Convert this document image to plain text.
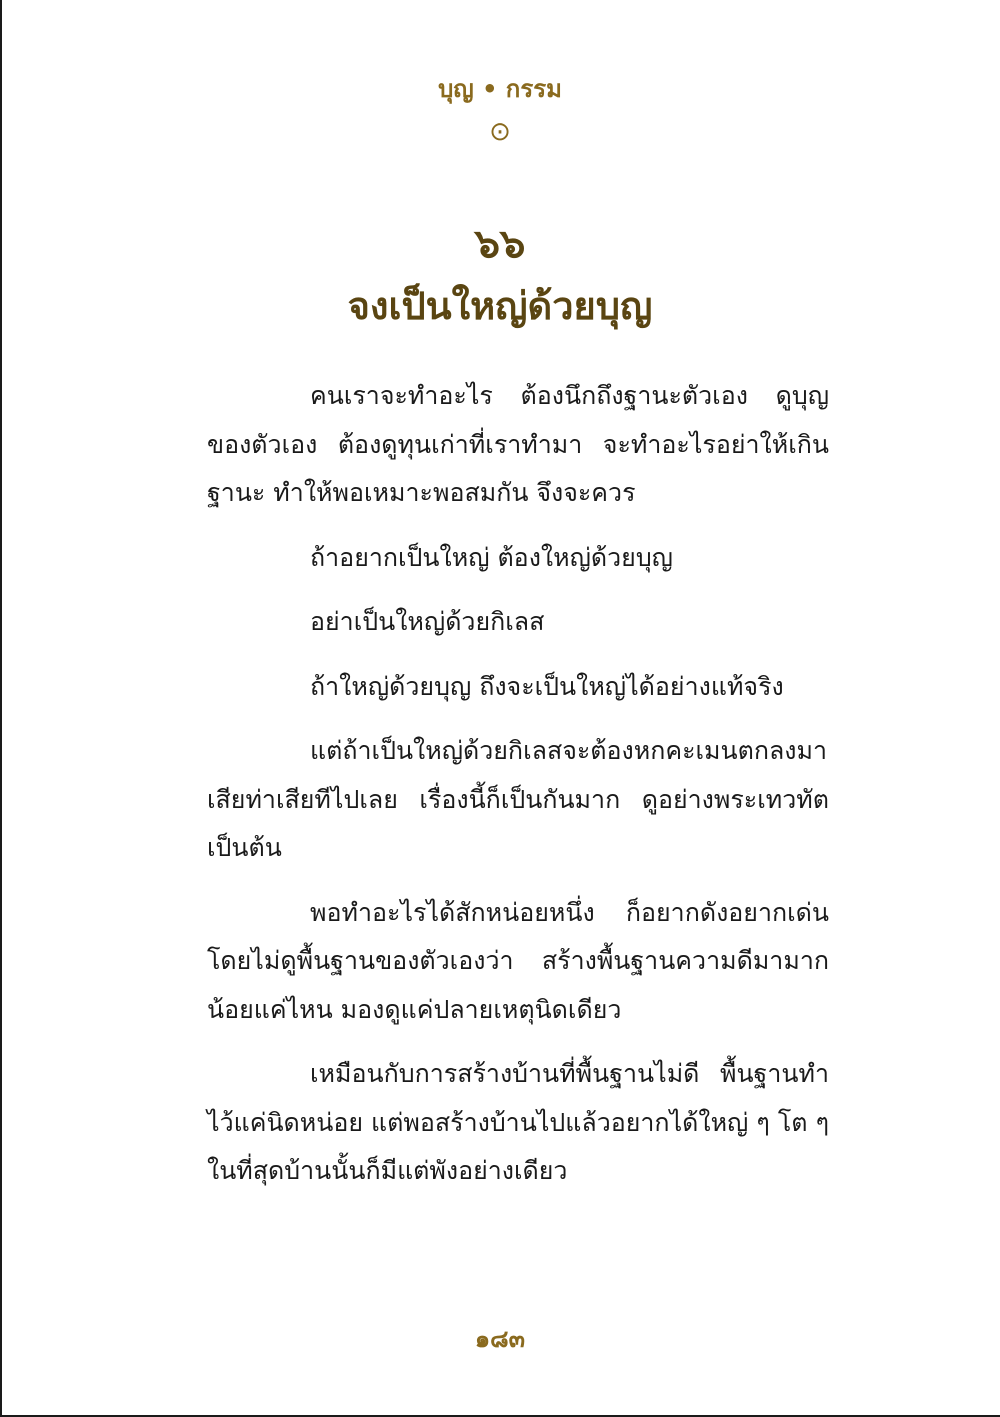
บุญ • กรรม
⊙
๖๖
จงเป็นใหญ่ด้วยบุญ

คนเราจะทำอะไร ต้องนึกถึงฐานะตัวเอง ดูบุญของตัวเอง ต้องดูทุนเก่าที่เราทำมา จะทำอะไรอย่าให้เกินฐานะ ทำให้พอเหมาะพอสมกัน จึงจะควร

ถ้าอยากเป็นใหญ่ ต้องใหญ่ด้วยบุญ

อย่าเป็นใหญ่ด้วยกิเลส

ถ้าใหญ่ด้วยบุญ ถึงจะเป็นใหญ่ได้อย่างแท้จริง

แต่ถ้าเป็นใหญ่ด้วยกิเลสจะต้องหกคะเมนตกลงมา เสียท่าเสียทีไปเลย เรื่องนี้ก็เป็นกันมาก ดูอย่างพระเทวทัต เป็นต้น

พอทำอะไรได้สักหน่อยหนึ่ง ก็อยากดังอยากเด่น โดยไม่ดูพื้นฐานของตัวเองว่า สร้างพื้นฐานความดีมามากน้อยแค่ไหน มองดูแค่ปลายเหตุนิดเดียว

เหมือนกับการสร้างบ้านที่พื้นฐานไม่ดี พื้นฐานทำไว้แค่นิดหน่อย แต่พอสร้างบ้านไปแล้วอยากได้ใหญ่ ๆ โต ๆ ในที่สุดบ้านนั้นก็มีแต่พังอย่างเดียว

๑๘๓
